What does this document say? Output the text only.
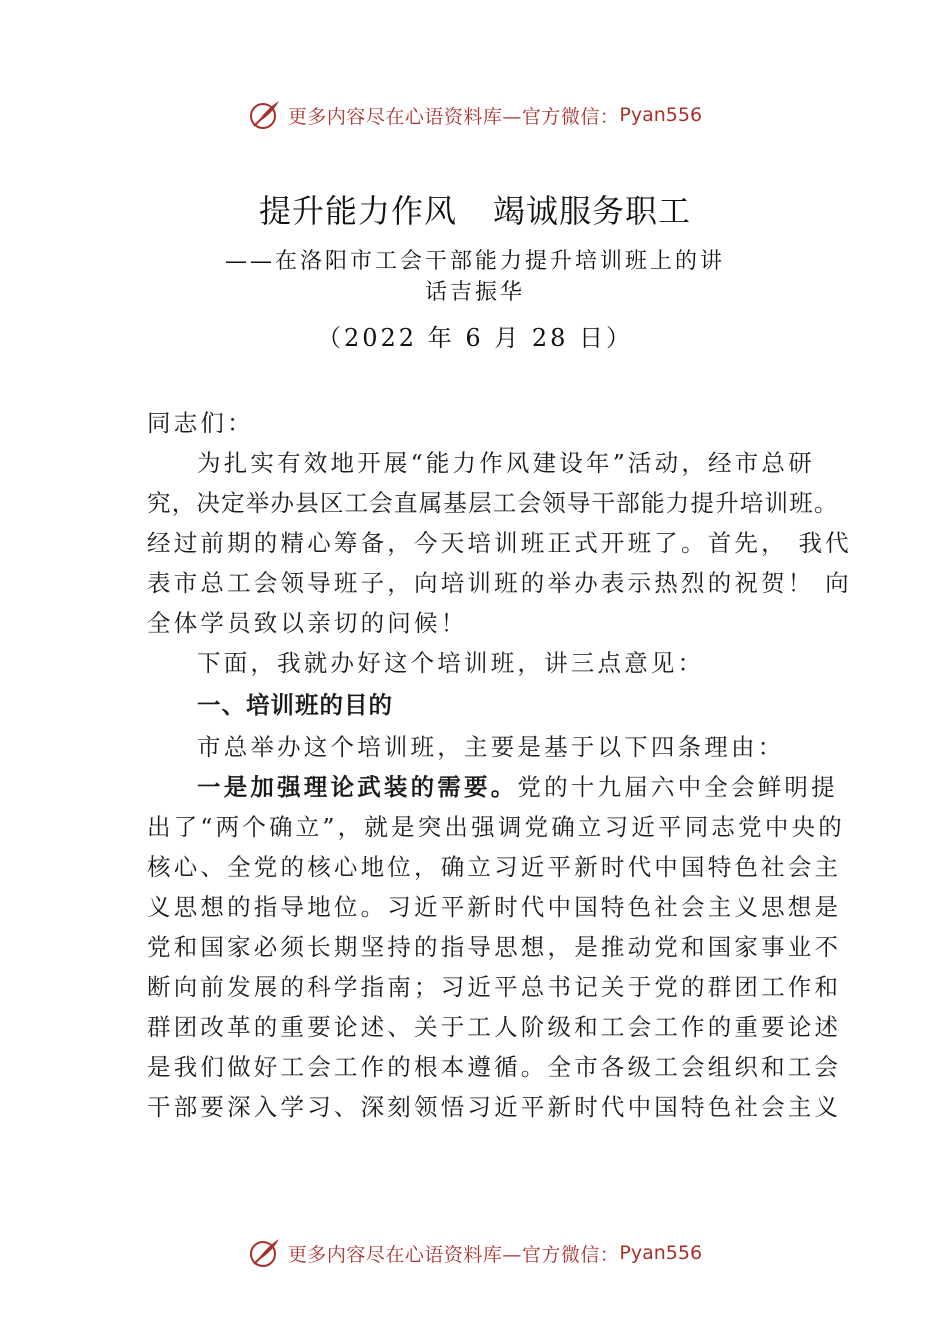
更多内容尽在心语资料库—官方微信： Pyan556
提升能力作风 竭诚服务职工
——在洛阳市工会干部能力提升培训班上的讲
话吉振华
（2022 年 6 月 28 日）
同志们：
为扎实有效地开展“能力作风建设年”活动，经市总研
究，决定举办县区工会直属基层工会领导干部能力提升培训班。
经过前期的精心筹备，今天培训班正式开班了。首先， 我代
表市总工会领导班子，向培训班的举办表示热烈的祝贺！ 向
全体学员致以亲切的问候！
下面，我就办好这个培训班，讲三点意见：
一、培训班的目的
市总举办这个培训班，主要是基于以下四条理由：
一是加强理论武装的需要。党的十九届六中全会鲜明提
出了“两个确立”，就是突出强调党确立习近平同志党中央的
核心、全党的核心地位，确立习近平新时代中国特色社会主
义思想的指导地位。习近平新时代中国特色社会主义思想是
党和国家必须长期坚持的指导思想，是推动党和国家事业不
断向前发展的科学指南；习近平总书记关于党的群团工作和
群团改革的重要论述、关于工人阶级和工会工作的重要论述
是我们做好工会工作的根本遵循。全市各级工会组织和工会
干部要深入学习、深刻领悟习近平新时代中国特色社会主义
更多内容尽在心语资料库—官方微信： Pyan556
